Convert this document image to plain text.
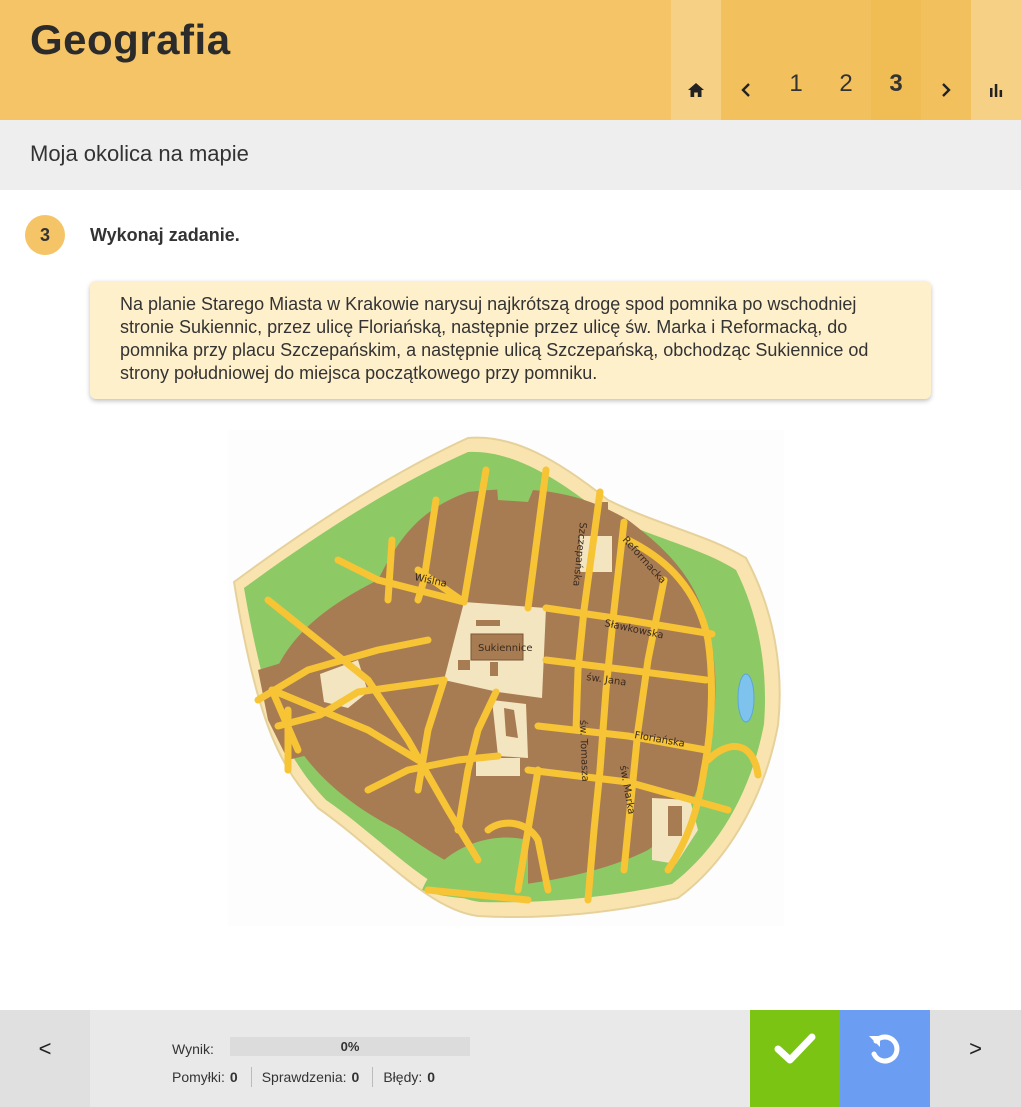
Geografia
1	2	3
Moja okolica na mapie
3	Wykonaj zadanie.
Na planie Starego Miasta w Krakowie narysuj najkrótszą drogę spod pomnika po wschodniej stronie Sukiennic, przez ulicę Floriańską, następnie przez ulicę św. Marka i Reformacką, do pomnika przy placu Szczepańskim, a następnie ulicą Szczepańską, obchodząc Sukiennice od strony południowej do miejsca początkowego przy pomniku.
Sukiennice
Wiślna	Szczepańska	Reformacka
Sławkowska
św. Jana
Floriańska
św. Tomasza
św. Marka
<	Wynik:	0%
Pomyłki: 0 Sprawdzenia: 0 Błędy: 0
>
